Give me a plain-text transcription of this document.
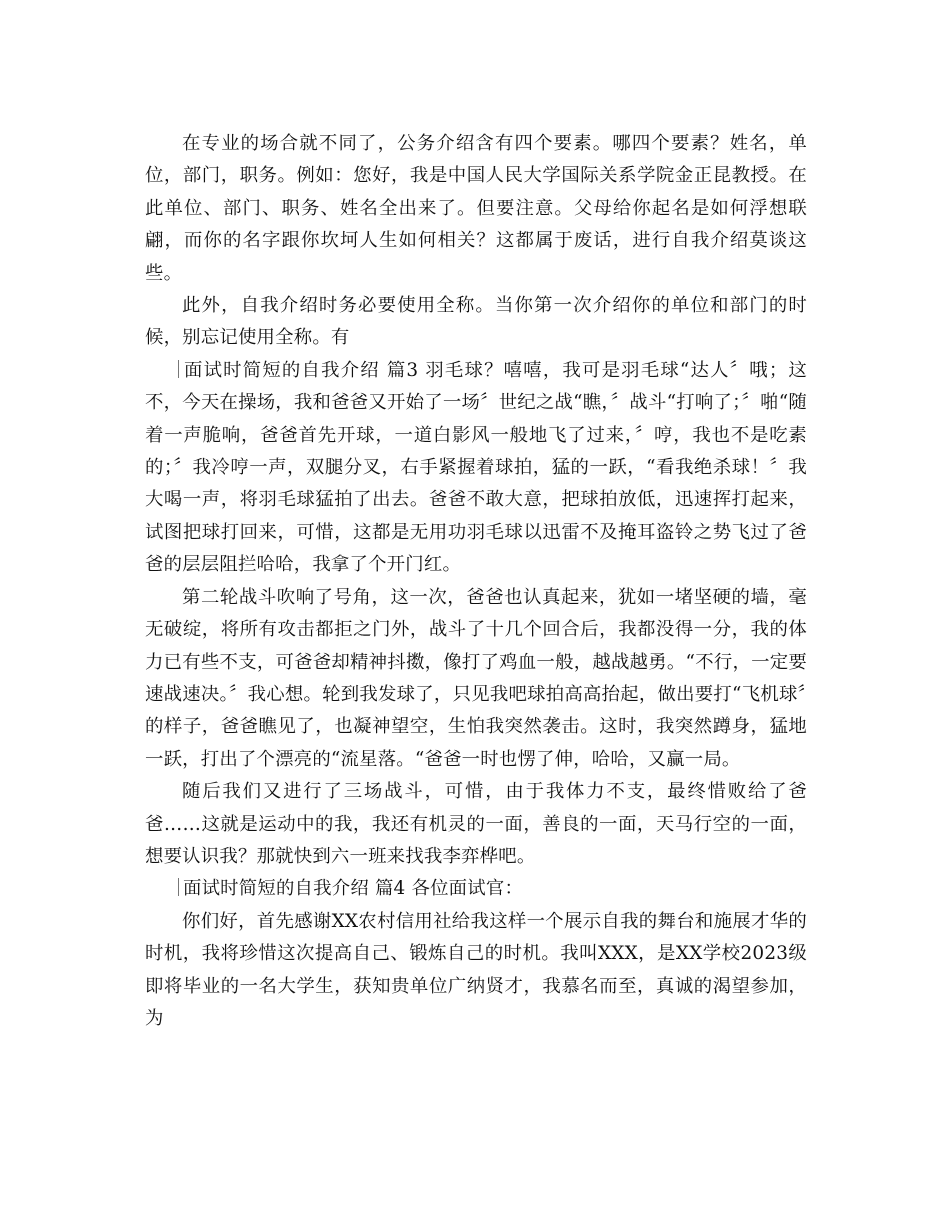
在专业的场合就不同了，公务介绍含有四个要素。哪四个要素？姓名，单位，部门，职务。例如：您好，我是中国人民大学国际关系学院金正昆教授。在此单位、部门、职务、姓名全出来了。但要注意。父母给你起名是如何浮想联翩，而你的名字跟你坎坷人生如何相关？这都属于废话，进行自我介绍莫谈这些。

此外，自我介绍时务必要使用全称。当你第一次介绍你的单位和部门的时候，别忘记使用全称。有

面试时简短的自我介绍 篇3 羽毛球？嘻嘻，我可是羽毛球“达人〞哦；这不，今天在操场，我和爸爸又开始了一场〞世纪之战“瞧，〞战斗“打响了；〞啪“随着一声脆响，爸爸首先开球，一道白影风一般地飞了过来，〞哼，我也不是吃素的；〞我冷哼一声，双腿分叉，右手紧握着球拍，猛的一跃，“看我绝杀球！〞我大喝一声，将羽毛球猛拍了出去。爸爸不敢大意，把球拍放低，迅速挥打起来，试图把球打回来，可惜，这都是无用功羽毛球以迅雷不及掩耳盗铃之势飞过了爸爸的层层阻拦哈哈，我拿了个开门红。

第二轮战斗吹响了号角，这一次，爸爸也认真起来，犹如一堵坚硬的墙，毫无破绽，将所有攻击都拒之门外，战斗了十几个回合后，我都没得一分，我的体力已有些不支，可爸爸却精神抖擞，像打了鸡血一般，越战越勇。“不行，一定要速战速决。〞我心想。轮到我发球了，只见我吧球拍高高抬起，做出要打“飞机球〞的样子，爸爸瞧见了，也凝神望空，生怕我突然袭击。这时，我突然蹲身，猛地一跃，打出了个漂亮的“流星落。“爸爸一时也愣了伸，哈哈，又赢一局。

随后我们又进行了三场战斗，可惜，由于我体力不支，最终惜败给了爸爸……这就是运动中的我，我还有机灵的一面，善良的一面，天马行空的一面，想要认识我？那就快到六一班来找我李弈桦吧。

面试时简短的自我介绍 篇4 各位面试官：

你们好，首先感谢XX农村信用社给我这样一个展示自我的舞台和施展才华的时机，我将珍惜这次提高自己、锻炼自己的时机。我叫XXX，是XX学校2023级即将毕业的一名大学生，获知贵单位广纳贤才，我慕名而至，真诚的渴望参加，为
